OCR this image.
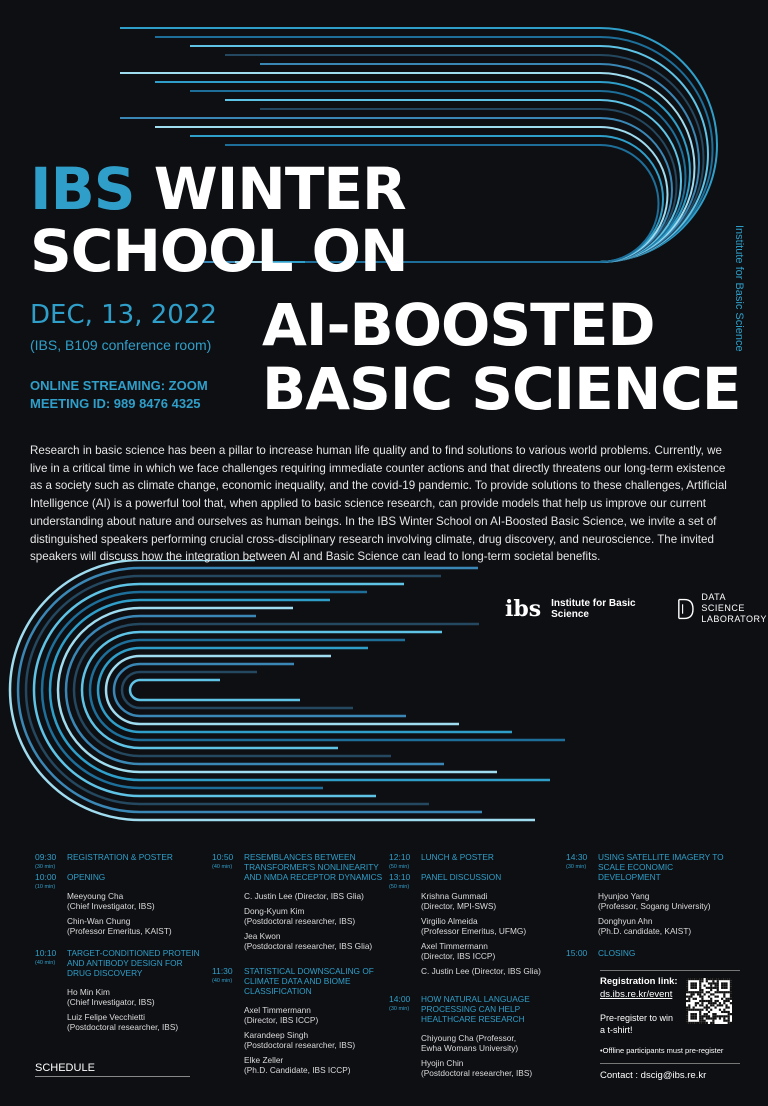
IBS WINTER
SCHOOL ON
AI-BOOSTED
BASIC SCIENCE
DEC, 13, 2022
(IBS, B109 conference room)
ONLINE STREAMING: ZOOM
MEETING ID: 989 8476 4325
Institute for Basic Science
Research in basic science has been a pillar to increase human life quality and to find solutions to various world problems. Currently, we live in a critical time in which we face challenges requiring immediate counter actions and that directly threatens our long-term existence as a society such as climate change, economic inequality, and the covid-19 pandemic. To provide solutions to these challenges, Artificial Intelligence (AI) is a powerful tool that, when applied to basic science research, can provide models that help us improve our current understanding about nature and ourselves as human beings. In the IBS Winter School on AI-Boosted Basic Science, we invite a set of distinguished speakers performing crucial cross-disciplinary research involving climate, drug discovery, and neuroscience. The invited speakers will discuss how the integration between AI and Basic Science can lead to long-term societal benefits.
ibs Institute for Basic Science
DATA SCIENCE
LABORATORY
09:30
(30 min)
REGISTRATION & POSTER
10:00
(10 min)
OPENING
Meeyoung Cha
(Chief Investigator, IBS)

Chin-Wan Chung
(Professor Emeritus, KAIST)
10:10
(40 min)
TARGET-CONDITIONED PROTEIN AND ANTIBODY DESIGN FOR DRUG DISCOVERY
Ho Min Kim
(Chief Investigator, IBS)

Luiz Felipe Vecchietti
(Postdoctoral researcher, IBS)
10:50
(40 min)
RESEMBLANCES BETWEEN TRANSFORMER'S NONLINEARITY AND NMDA RECEPTOR DYNAMICS
C. Justin Lee (Director, IBS Glia)

Dong-Kyum Kim
(Postdoctoral researcher, IBS)

Jea Kwon
(Postdoctoral researcher, IBS Glia)
11:30
(40 min)
STATISTICAL DOWNSCALING OF CLIMATE DATA AND BIOME CLASSIFICATION
Axel Timmermann
(Director, IBS ICCP)

Karandeep Singh
(Postdoctoral researcher, IBS)

Elke Zeller
(Ph.D. Candidate, IBS ICCP)
12:10
(50 min)
LUNCH & POSTER
13:10
(50 min)
PANEL DISCUSSION
Krishna Gummadi
(Director, MPI-SWS)

Virgilio Almeida
(Professor Emeritus, UFMG)

Axel Timmermann
(Director, IBS ICCP)

C. Justin Lee (Director, IBS Glia)
14:00
(30 min)
HOW NATURAL LANGUAGE PROCESSING CAN HELP HEALTHCARE RESEARCH
Chiyoung Cha (Professor,
Ewha Womans University)

Hyojin Chin
(Postdoctoral researcher, IBS)
14:30
(30 min)
USING SATELLITE IMAGERY TO SCALE ECONOMIC DEVELOPMENT
Hyunjoo Yang
(Professor, Sogang University)

Donghyun Ahn
(Ph.D. candidate, KAIST)
15:00	CLOSING
SCHEDULE
Registration link:
ds.ibs.re.kr/event
Pre-register to win a t-shirt!
•Offline participants must pre-register
Contact : dscig@ibs.re.kr
